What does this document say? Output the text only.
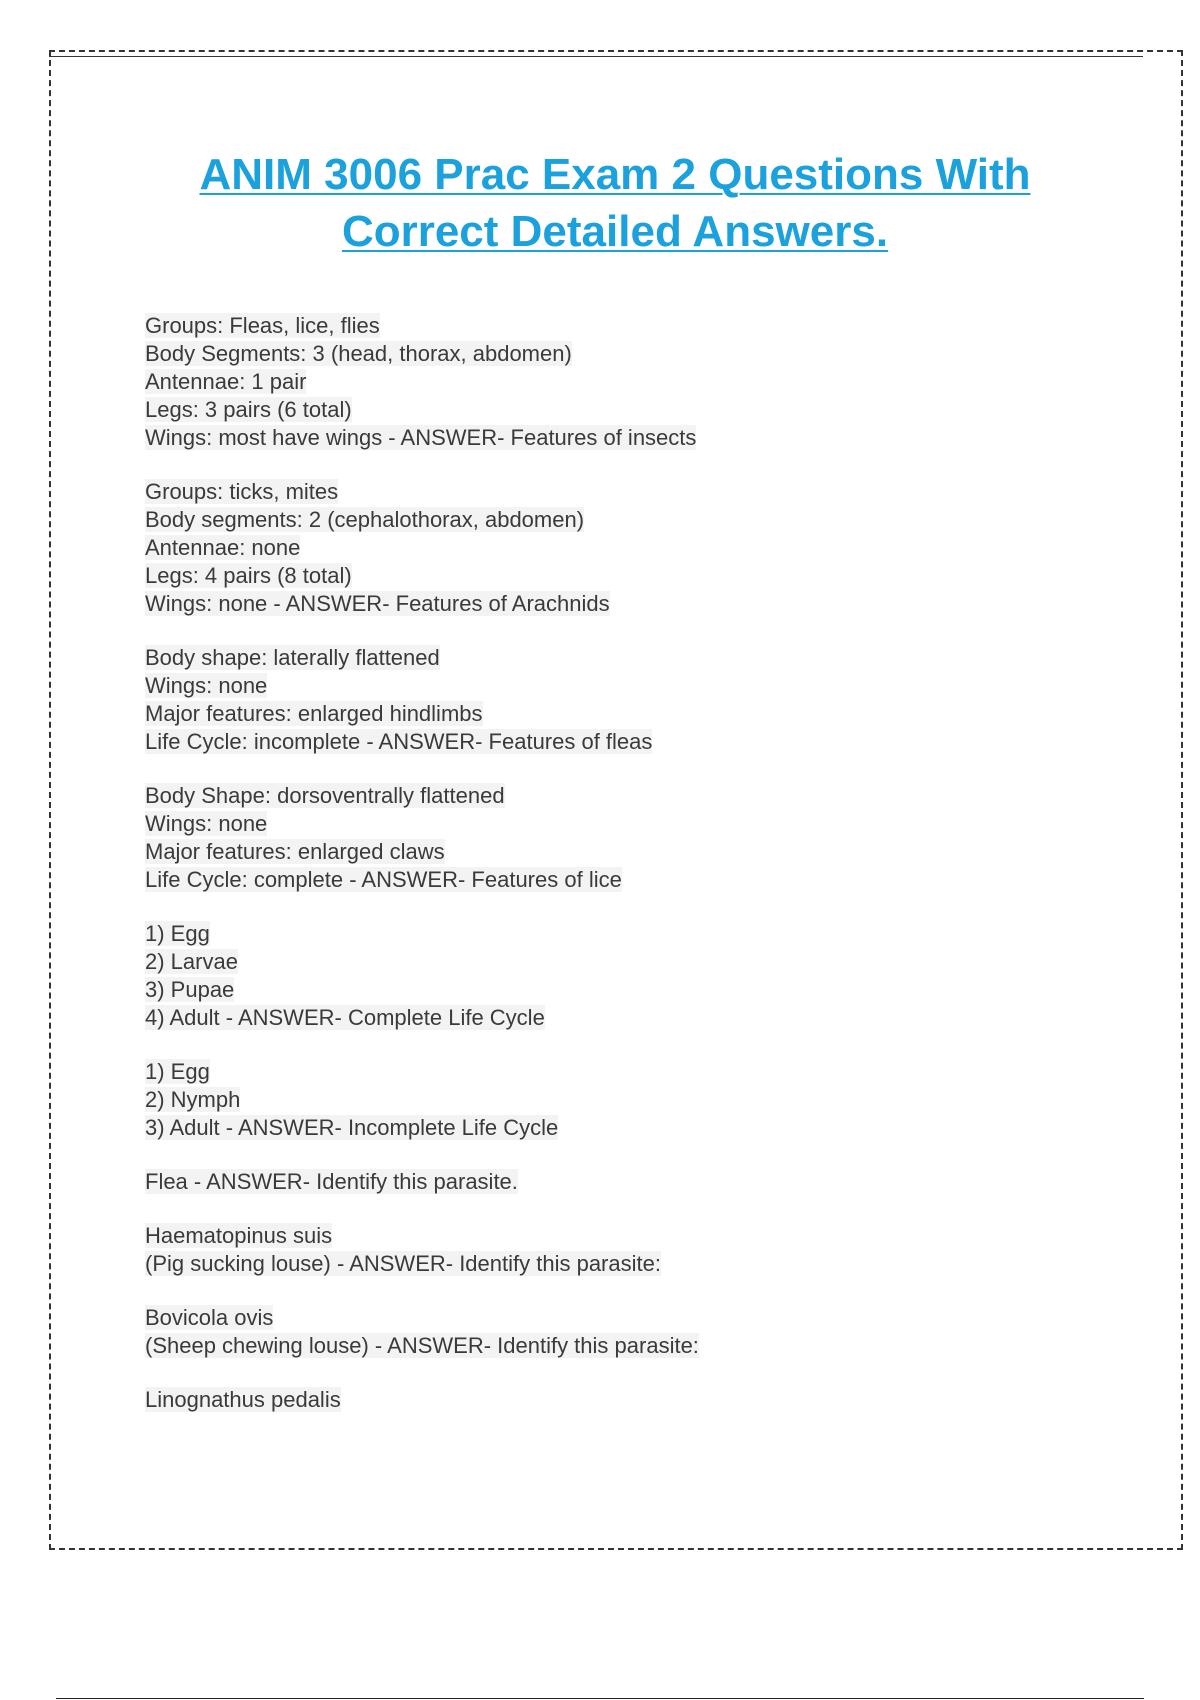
ANIM 3006 Prac Exam 2 Questions With
Correct Detailed Answers.
Groups: Fleas, lice, flies
Body Segments: 3 (head, thorax, abdomen)
Antennae: 1 pair
Legs: 3 pairs (6 total)
Wings: most have wings - ANSWER- Features of insects
Groups: ticks, mites
Body segments: 2 (cephalothorax, abdomen)
Antennae: none
Legs: 4 pairs (8 total)
Wings: none - ANSWER- Features of Arachnids
Body shape: laterally flattened
Wings: none
Major features: enlarged hindlimbs
Life Cycle: incomplete - ANSWER- Features of fleas
Body Shape: dorsoventrally flattened
Wings: none
Major features: enlarged claws
Life Cycle: complete - ANSWER- Features of lice
1) Egg
2) Larvae
3) Pupae
4) Adult - ANSWER- Complete Life Cycle
1) Egg
2) Nymph
3) Adult - ANSWER- Incomplete Life Cycle
Flea - ANSWER- Identify this parasite.
Haematopinus suis
(Pig sucking louse) - ANSWER- Identify this parasite:
Bovicola ovis
(Sheep chewing louse) - ANSWER- Identify this parasite:
Linognathus pedalis
